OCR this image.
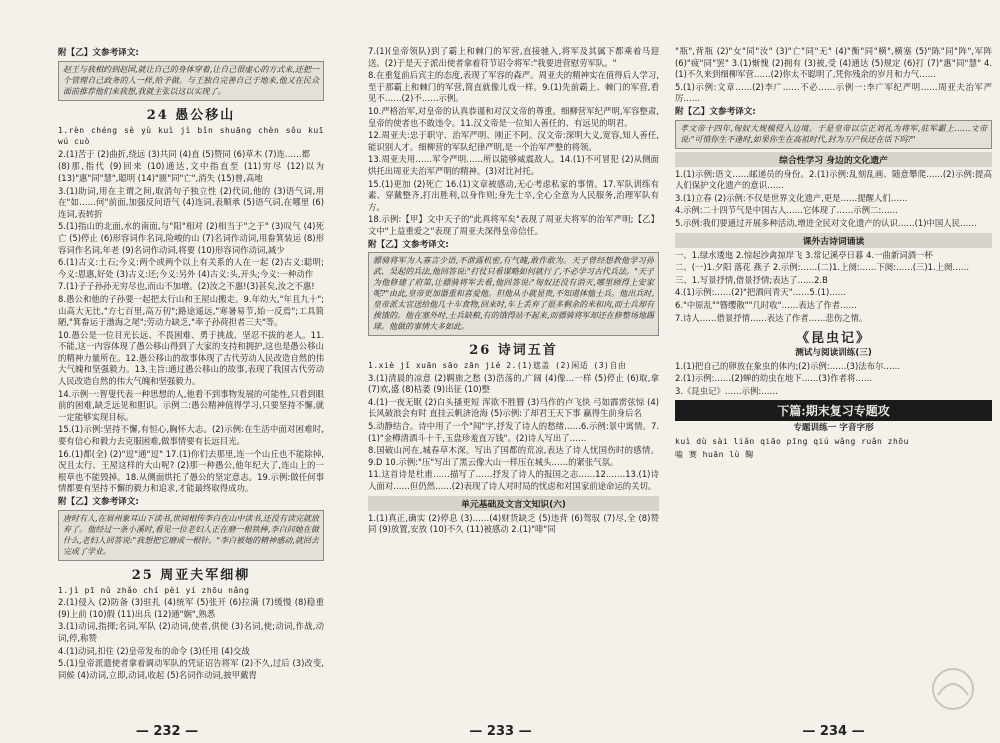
附【乙】文参考译文:

赵王与我相约到赵国,就让自己的身体穿着,让自己很虚心的方式来,还把一个管理自己政务的人一样,给予做。与王独自完善自己于地来,他又在民众面前推荐他们来我想,我就主张以这以实现了。

24 愚公移山

1.rèn chéng sè yù kuì jì bǐn shuāng chèn sǒu kuī wú cuò

2.(1)苦于 (2)曲折,绕远 (3)共同 (4)直 (5)赞同 (6)草木 (7)连……都

(8)那,指代 (9)回来 (10)通达,文中指直至 (11)穷尽 (12)以为 (13)"惠"同"慧",聪明 (14)"匮"同"亡",消失 (15)曾,高地

3.(1)助词,用在主谓之间,取消句子独立性 (2)代词,他的 (3)语气词,用在"如……何"前面,加强反问语气 (4)连词,表顺承 (5)语气词,在哪里 (6)连词,表转折

5.(1)指山的北面,水的南面,与"阳"相对 (2)相当于"之于" (3)叹气 (4)死亡 (5)停止 (6)形容词作名词,险峻的山 (7)名词作动词,用畚箕装运 (8)形容词作名词,年老 (9)名词作动词,将要 (10)形容词作动词,减少

6.(1)古义:土石;今义:两个或两个以上有关系的人在一起 (2)古义:聪明;今义:恩惠,好处 (3)古义:还;今义:另外 (4)古义:头,开头;今义:一种动作

7.(1)子子孙孙无穷尽也,而山不加增。(2)汝之不惠!(3)甚矣,汝之不惠!

8.愚公和他的子孙要一起把太行山和王屋山搬走。9.年幼大,"年且九十";山高大无比,"方七百里,高万仞";路途遥远,"寒暑易节,始一反焉";工具简陋,"箕畚运于渤海之尾";劳动力缺乏,"率子孙荷担者三夫"等。

10.愚公是一位目光长远、不畏困难、勇于挑战、坚忍不拔的老人。11.不能,这一内容体现了愚公移山得到了大家的支持和拥护,这也是愚公移山的精神力量所在。12.愚公移山的故事体现了古代劳动人民改造自然的伟大气魄和坚强毅力。13.主旨:通过愚公移山的故事,表现了我国古代劳动人民改造自然的伟大气魄和坚强毅力。

14.示例一:智叟代表一种思想的人,他看不到事物发展的可能性,只看到眼前的困难,缺乏远见和胆识。示例二:愚公精神值得学习,只要坚持不懈,就一定能够实现目标。

15.(1)示例:坚持不懈,有恒心,胸怀大志。(2)示例:在生活中面对困难时,要有信心和毅力去克服困难,做事情要有长远目光。

16.(1)都(全) (2)"逗"通"逗" 17.(1)你们去那里,连一个山丘也不能除掉,况且太行、王屋这样的大山呢? (2)那一种愚公,他年纪大了,连山上的一根草也不能毁掉。18.从侧面烘托了愚公的坚定意志。19.示例:做任何事情都要有坚持不懈的毅力和追求,才能最终取得成功。

附【乙】文参考译文:

唐时有人,在眉州象耳山下读书,世间相传李白在山中读书,还没有读完就放弃了。他经过一条小溪时,看见一位老妇人正在磨一根铁棒,李白问她在做什么,老妇人回答说:"我想把它磨成一根针。"李白被她的精神感动,就回去完成了学业。

25 周亚夫军细柳

1.jì pī nǔ zhǎo chí pèi yí zhōu nǎng

2.(1)侵入 (2)防备 (3)驻扎 (4)统军 (5)张开 (6)拉满 (7)缓慢 (8)稳重 (9)上前 (10)假 (11)出兵 (12)通"娴",熟悉

3.(1)动词,指揮;名词,军队 (2)动词,使者,供使 (3)名词,使;动词,作战,动词,停,称赞

4.(1)动词,扣住 (2)皇帝发布的命令 (3)任用 (4)交战

5.(1)皇帝派遣使者拿着调动军队的凭证诏告将军 (2)不久,过后 (3)改变,同候 (4)动词,立即,动词,收起 (5)名词作动词,披甲戴胄

— 232 —

7.(1)(皇帝领队)到了霸上和棘门的军营,直接驰入,将军及其属下都乘着马迎送。(2)于是天子派出使者拿着符节诏令将军:"我要进营慰劳军队。"

8.在重复前后宾主的态度,表现了军容的森严。周亚夫的精神实在值得后人学习,至于那霸上和棘门的军营,简直就像儿戏一样。9.(1)先前霸上、棘门的军营,看见不……(2)不……示例。

10.严格治军,对皇帝的认真恭谨和对汉文帝的尊重。细柳营军纪严明,军容整肃,皇帝的使者也不敢违令。11.汉文帝是一位知人善任的、有远见的明君。

12.周亚夫:忠于职守、治军严明、刚正不阿。汉文帝:深明大义,宽容,知人善任,能识别人才。细柳营的军队纪律严明,是一个治军严整的将领。

13.周亚夫用……军令严明……所以能够威震敌人。14.(1)不可冒犯 (2)从侧面烘托出周亚夫治军严明的精神。(3)对比衬托。

15.(1)更加 (2)死亡 16.(1)文章被感动,无心考虑私家的事情。17.军队训练有素、穿戴整齐,打出胜利,以身作则;身先士卒,全心全意为人民服务,治理军队有方。

18.示例:【甲】文中天子的"此真将军矣"表现了周亚夫将军的治军严明;【乙】文中"上益重爱之"表现了周亚夫深得皇帝信任。

附【乙】文参考译文:

骠骑将军为人寡言少语,不泄露机密,有气魄,敢作敢为。天子曾经想教他学习孙武、吴起的兵法,他回答说:"打仗只看谋略如何就行了,不必学习古代兵法。"天子为他修建了府第,让骠骑将军去看,他回答说:"匈奴还没有消灭,哪里顾得上安家呢?"由此,皇帝更加器重和喜爱他。但他从小就显贵,不知道体恤士兵。他出兵时,皇帝派太官送给他几十车食物,回来时,车上丢弃了很多剩余的米和肉,而士兵却有挨饿的。他在塞外时,士兵缺粮,有的饿得站不起来,而骠骑将军却还在修整场地踢球。他做的事情大多如此。

26 诗词五首

1.xiè jǐ xuān sāo zān jié 2.(1)遮盖 (2)闲适 (3)自由

3.(1)清晨的凉意 (2)羁旅之愁 (3)浩荡的,广阔 (4)像…一样 (5)停止 (6)取,拿 (7)欢,盛 (8)枯萎 (9)出征 (10)整

4.(1)一夜无眠 (2)白头搔更短 浑欲不胜簪 (3)马作的卢飞快 弓如霹雳弦惊 (4)长风破浪会有时 直挂云帆济沧海 (5)示例:了却君王天下事 赢得生前身后名

5.动静结合。诗中用了一个"闻"字,抒发了诗人的愁绪……6.示例:景中寓情。7.(1)"金樽清酒斗十千,玉盘珍羞直万钱"。(2)诗人写出了……

8.国破山河在,城春草木深。写出了国都的荒凉,表达了诗人忧国伤时的感情。9.D 10.示例:"压"写出了黑云像大山一样压在城头……的紧张气氛。

11.这首诗是杜甫……描写了……抒发了诗人的报国之志……12.……13.(1)诗人面对……但仍然……(2)表现了诗人对时局的忧虑和对国家前途命运的关切。

单元基础及文言文知识(六)

1.(1)真正,确实 (2)停息 (3)……(4)财货缺乏 (5)违背 (6)驾驭 (7)尽,全 (8)赞同 (9)放置,安放 (10)不久 (11)被感动 2.(1)"啡"同

— 233 —

"瓶",背瓶 (2)"女"同"汝" (3)"亡"同"无" (4)"衡"同"横",横塞 (5)"陈"同"阵",军阵 (6)"疲"同"罢" 3.(1)惭愧 (2)拥有 (3)被,受 (4)通达 (5)规定 (6)打 (7)"惠"同"慧" 4.(1)不久来到细柳军营……(2)你太不聪明了,凭你残余的岁月和力气……

5.(1)示例:文章……(2)李广……不必……示例一:李广军纪严明……周亚夫治军严厉……

附【乙】文参考译文:

孝文帝十四年,匈奴大规模侵入边境。于是皇帝以宗正刘礼为将军,驻军霸上……文帝说:"可惜你生不逢时,如果你生在高祖时代,封为万户侯还在话下吗?"

综合性学习 身边的文化遗产

1.(1)示例:语文……邮递员的身份。2.(1)示例:乱刻乱画、随意攀爬……(2)示例:提高人们保护文化遗产的意识……

3.(1)立春 (2)示例:不仅是世界文化遗产,更是……提醒人们……

4.示例:二十四节气是中国古人……它体现了……示例二:……

5.示例:我们要通过开展多种活动,增进全民对文化遗产的认识……(1)中国人民……

课外古诗词诵读

一、1.绿水逶迤 2.惊起沙禽掠岸飞 3.常记溪亭日暮 4.一曲新词酒一杯

二、(一)1.夕阳 落花 燕子 2.示例:……(二)1.上阕:……下阕:……(三)1.上阕……

三、1.写景抒情,借景抒情;表达了……2.B

4.(1)示例:……(2)"把酒问青天"……5.(1)……

6."中原乱""簪缨散""几时收"……表达了作者……

7.诗人……借景抒情……表达了作者……悲伤之情。

《昆虫记》

测试与阅读训练(三)

1.(1)把自己的卵放在象虫的体内;(2)示例:……(3)法布尔……

2.(1)示例:……(2)蝉的幼虫在地下……(3)作者将……

3.《昆虫记》……示例:……

下篇:期末复习专题攻

专题训练一 字音字形

kuì dù sài liǎn qiāo pīng qiú wǎng ruǎn zhōu

嗑 赛 huān lù 鞠

— 234 —
